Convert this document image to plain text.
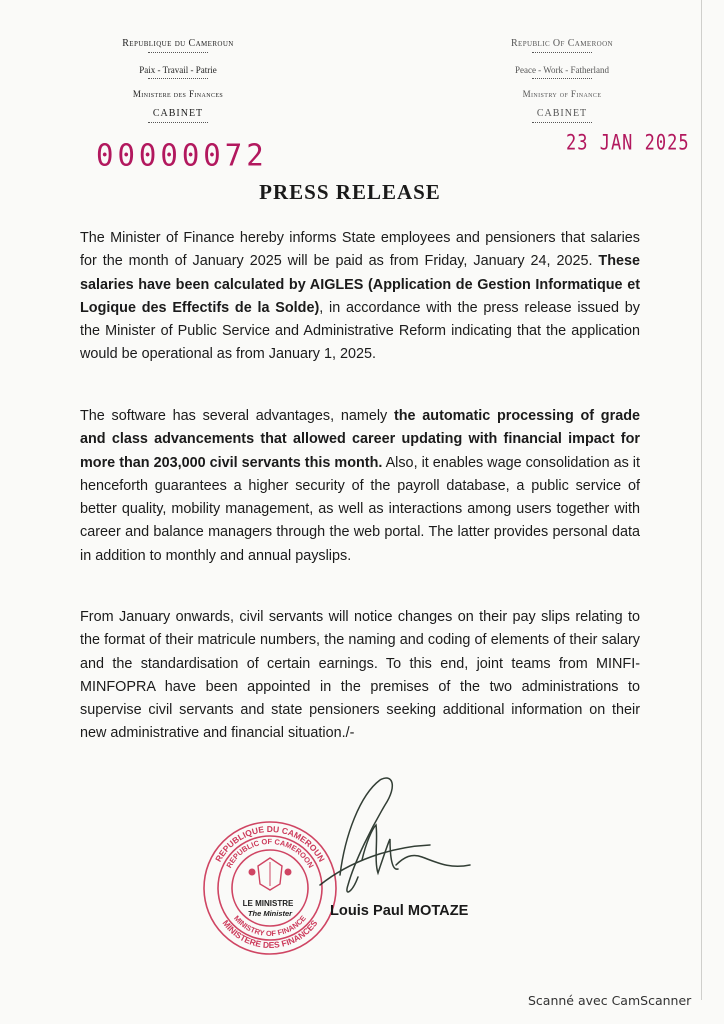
Republique du Cameroun
Paix - Travail - Patrie
Ministere des Finances
CABINET
Republic Of Cameroon
Peace - Work - Fatherland
Ministry of Finance
CABINET
00000072	23 JAN 2025
PRESS RELEASE
The Minister of Finance hereby informs State employees and pensioners that salaries for the month of January 2025 will be paid as from Friday, January 24, 2025. These salaries have been calculated by AIGLES (Application de Gestion Informatique et Logique des Effectifs de la Solde), in accordance with the press release issued by the Minister of Public Service and Administrative Reform indicating that the application would be operational as from January 1, 2025.
The software has several advantages, namely the automatic processing of grade and class advancements that allowed career updating with financial impact for more than 203,000 civil servants this month. Also, it enables wage consolidation as it henceforth guarantees a higher security of the payroll database, a public service of better quality, mobility management, as well as interactions among users together with career and balance managers through the web portal. The latter provides personal data in addition to monthly and annual payslips.
From January onwards, civil servants will notice changes on their pay slips relating to the format of their matricule numbers, the naming and coding of elements of their salary and the standardisation of certain earnings. To this end, joint teams from MINFI-MINFOPRA have been appointed in the premises of the two administrations to supervise civil servants and state pensioners seeking additional information on their new administrative and financial situation./-
REPUBLIQUE DU CAMEROUN
REPUBLIC OF CAMEROON
MINISTERE DES FINANCES
MINISTRY OF FINANCE
LE MINISTRE
The Minister	Louis Paul MOTAZE
Scanné avec CamScanner
